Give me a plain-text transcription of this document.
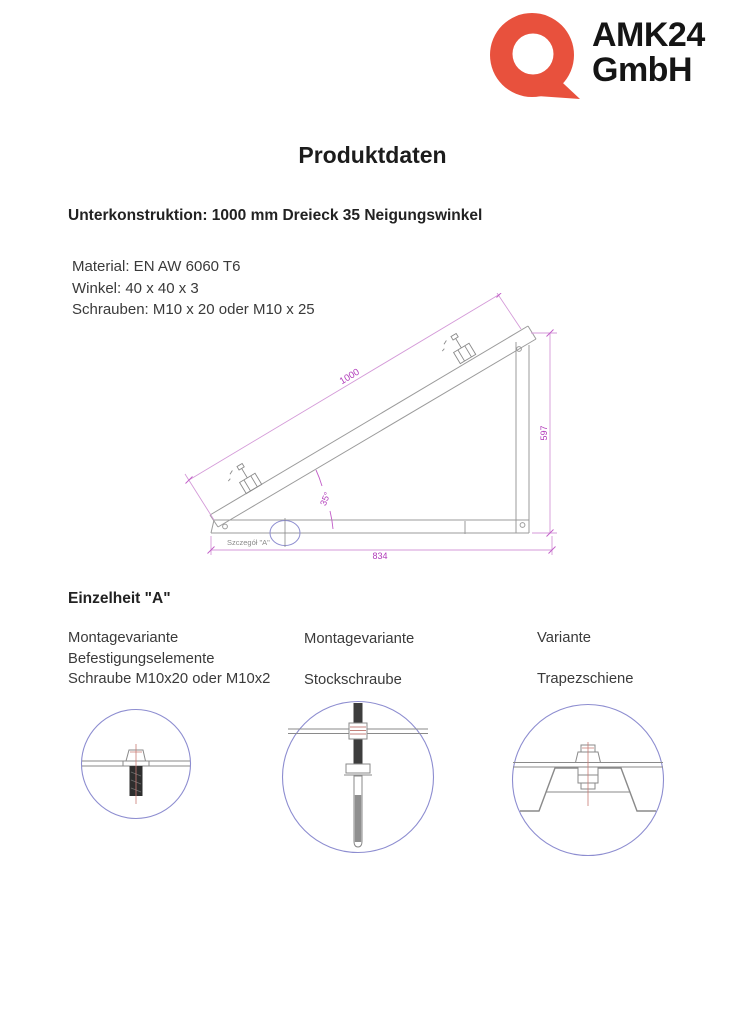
AMK24
GmbH
Produktdaten
Unterkonstruktion: 1000 mm Dreieck 35 Neigungswinkel
Material: EN AW 6060 T6
Winkel: 40 x 40 x 3
Schrauben: M10 x 20 oder M10 x 25
Szczegół "A"
1000
597
834
35°
Einzelheit "A"
Montagevariante
Befestigungselemente
Schraube M10x20 oder M10x2
Montagevariante
Stockschraube
Variante
Trapezschiene
